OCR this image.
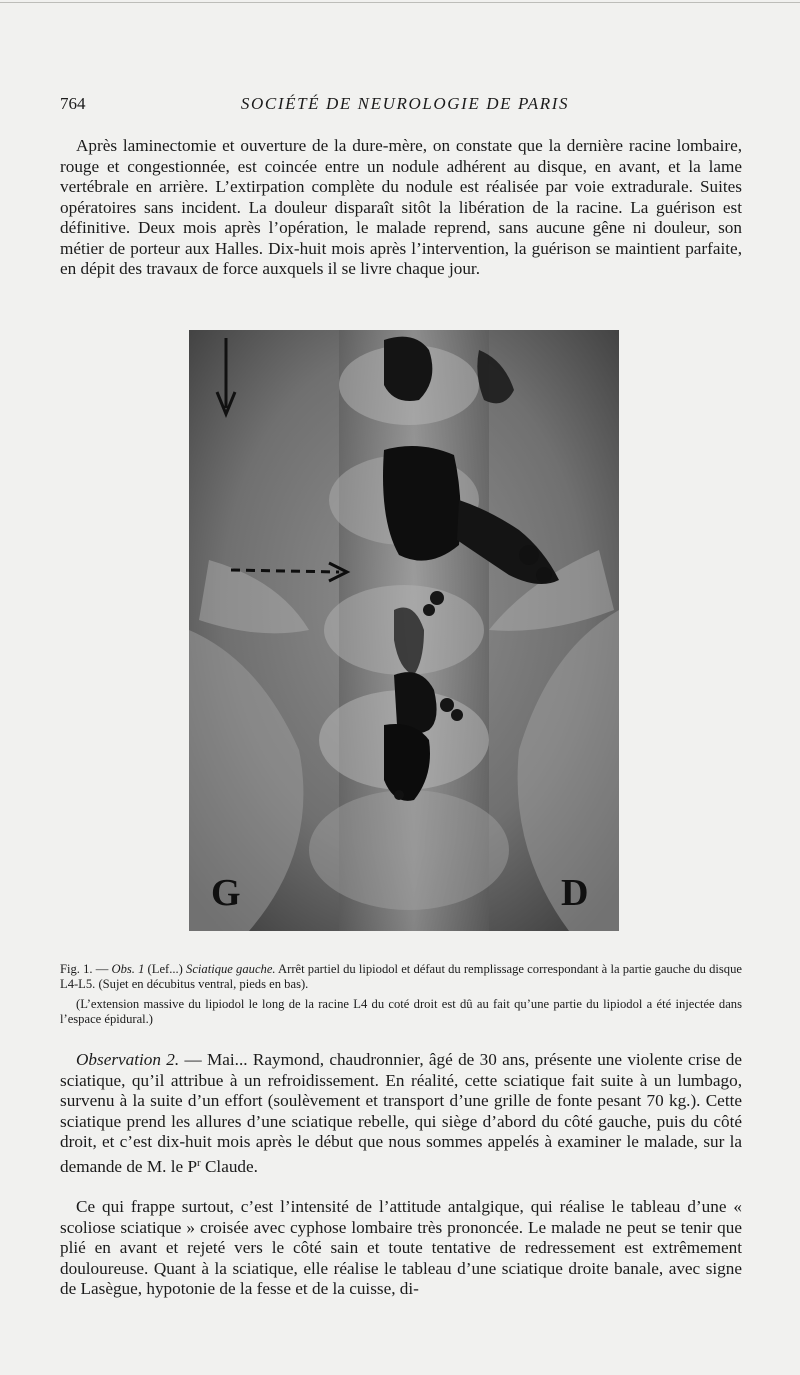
764	SOCIÉTÉ DE NEUROLOGIE DE PARIS

Après laminectomie et ouverture de la dure-mère, on constate que la dernière racine lombaire, rouge et congestionnée, est coincée entre un nodule adhérent au disque, en avant, et la lame vertébrale en arrière. L’extirpation complète du nodule est réalisée par voie extradurale. Suites opératoires sans incident. La douleur disparaît sitôt la libération de la racine. La guérison est définitive. Deux mois après l’opération, le malade reprend, sans aucune gêne ni douleur, son métier de porteur aux Halles. Dix-huit mois après l’intervention, la guérison se maintient parfaite, en dépit des travaux de force auxquels il se livre chaque jour.

G	D

Fig. 1. — Obs. 1 (Lef...) Sciatique gauche. Arrêt partiel du lipiodol et défaut du remplissage correspondant à la partie gauche du disque L4-L5. (Sujet en décubitus ventral, pieds en bas).

(L’extension massive du lipiodol le long de la racine L4 du coté droit est dû au fait qu’une partie du lipiodol a été injectée dans l’espace épidural.)

Observation 2. — Mai... Raymond, chaudronnier, âgé de 30 ans, présente une violente crise de sciatique, qu’il attribue à un refroidissement. En réalité, cette sciatique fait suite à un lumbago, survenu à la suite d’un effort (soulèvement et transport d’une grille de fonte pesant 70 kg.). Cette sciatique prend les allures d’une sciatique rebelle, qui siège d’abord du côté gauche, puis du côté droit, et c’est dix-huit mois après le début que nous sommes appelés à examiner le malade, sur la demande de M. le $P^r$ Claude.

Ce qui frappe surtout, c’est l’intensité de l’attitude antalgique, qui réalise le tableau d’une « scoliose sciatique » croisée avec cyphose lombaire très prononcée. Le malade ne peut se tenir que plié en avant et rejeté vers le côté sain et toute tentative de redressement est extrêmement douloureuse. Quant à la sciatique, elle réalise le tableau d’une sciatique droite banale, avec signe de Lasègue, hypotonie de la fesse et de la cuisse, di-
